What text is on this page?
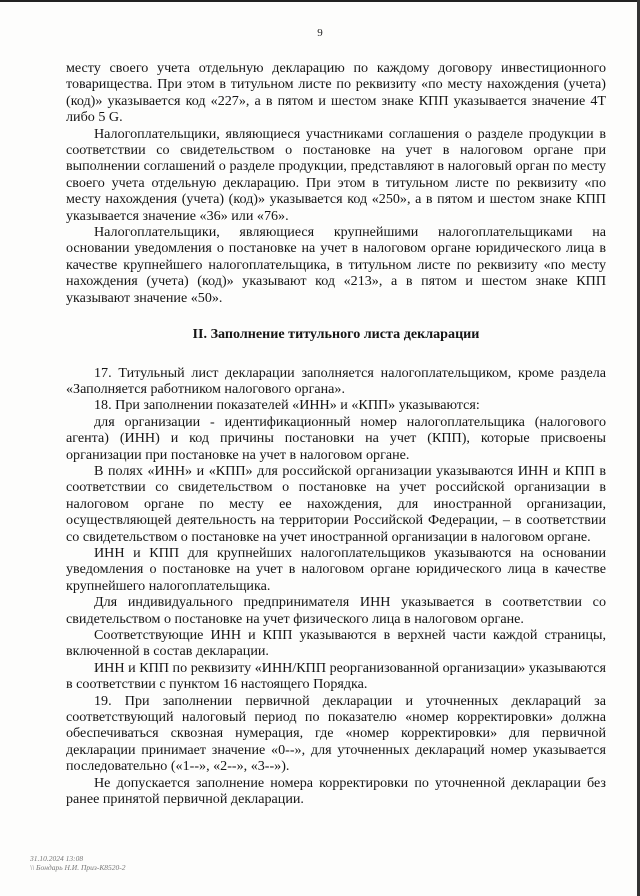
9

месту своего учета отдельную декларацию по каждому договору инвестиционного товарищества. При этом в титульном листе по реквизиту «по месту нахождения (учета) (код)» указывается код «227», а в пятом и шестом знаке КПП указывается значение 4Т либо 5 G.

Налогоплательщики, являющиеся участниками соглашения о разделе продукции в соответствии со свидетельством о постановке на учет в налоговом органе при выполнении соглашений о разделе продукции, представляют в налоговый орган по месту своего учета отдельную декларацию. При этом в титульном листе по реквизиту «по месту нахождения (учета) (код)» указывается код «250», а в пятом и шестом знаке КПП указывается значение «36» или «76».

Налогоплательщики, являющиеся крупнейшими налогоплательщиками на основании уведомления о постановке на учет в налоговом органе юридического лица в качестве крупнейшего налогоплательщика, в титульном листе по реквизиту «по месту нахождения (учета) (код)» указывают код «213», а в пятом и шестом знаке КПП указывают значение «50».

II. Заполнение титульного листа декларации

17. Титульный лист декларации заполняется налогоплательщиком, кроме раздела «Заполняется работником налогового органа».

18. При заполнении показателей «ИНН» и «КПП» указываются:

для организации - идентификационный номер налогоплательщика (налогового агента) (ИНН) и код причины постановки на учет (КПП), которые присвоены организации при постановке на учет в налоговом органе.

В полях «ИНН» и «КПП» для российской организации указываются ИНН и КПП в соответствии со свидетельством о постановке на учет российской организации в налоговом органе по месту ее нахождения, для иностранной организации, осуществляющей деятельность на территории Российской Федерации, – в соответствии со свидетельством о постановке на учет иностранной организации в налоговом органе.

ИНН и КПП для крупнейших налогоплательщиков указываются на основании уведомления о постановке на учет в налоговом органе юридического лица в качестве крупнейшего налогоплательщика.

Для индивидуального предпринимателя ИНН указывается в соответствии со свидетельством о постановке на учет физического лица в налоговом органе.

Соответствующие ИНН и КПП указываются в верхней части каждой страницы, включенной в состав декларации.

ИНН и КПП по реквизиту «ИНН/КПП реорганизованной организации» указываются в соответствии с пунктом 16 настоящего Порядка.

19. При заполнении первичной декларации и уточненных деклараций за соответствующий налоговый период по показателю «номер корректировки» должна обеспечиваться сквозная нумерация, где «номер корректировки» для первичной декларации принимает значение «0--», для уточненных деклараций номер указывается последовательно («1--», «2--», «3--»).

Не допускается заполнение номера корректировки по уточненной декларации без ранее принятой первичной декларации.

31.10.2024 13:08
\\ Бондарь Н.И. Приз-К8520-2
